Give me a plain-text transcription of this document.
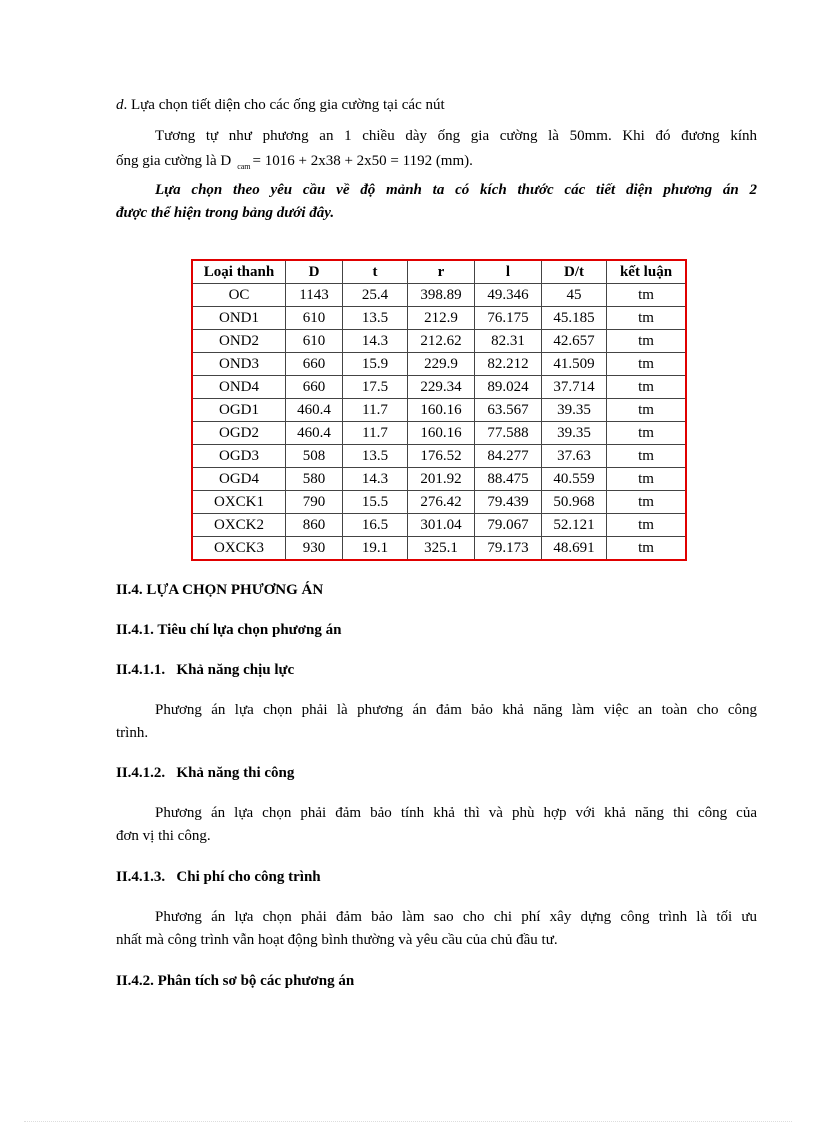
d. Lựa chọn tiết diện cho các ống gia cường tại các nút
Tương tự như phương an 1 chiều dày ống gia cường là 50mm. Khi đó đương kính
ống gia cường là D $_{cam}$ = 1016 + 2x38 + 2x50 = 1192 (mm).
Lựa chọn theo yêu cầu về độ mảnh ta có kích thước các tiết diện phương án 2
được thể hiện trong bảng dưới đây.
Loại thanh	D	t	r	l	D/t	kết luận
OC	1143	25.4	398.89	49.346	45	tm
OND1	610	13.5	212.9	76.175	45.185	tm
OND2	610	14.3	212.62	82.31	42.657	tm
OND3	660	15.9	229.9	82.212	41.509	tm
OND4	660	17.5	229.34	89.024	37.714	tm
OGD1	460.4	11.7	160.16	63.567	39.35	tm
OGD2	460.4	11.7	160.16	77.588	39.35	tm
OGD3	508	13.5	176.52	84.277	37.63	tm
OGD4	580	14.3	201.92	88.475	40.559	tm
OXCK1	790	15.5	276.42	79.439	50.968	tm
OXCK2	860	16.5	301.04	79.067	52.121	tm
OXCK3	930	19.1	325.1	79.173	48.691	tm
II.4. LỰA CHỌN PHƯƠNG ÁN
II.4.1. Tiêu chí lựa chọn phương án
II.4.1.1.   Khả năng chịu lực
Phương án lựa chọn phải là phương án đảm bảo khả năng làm việc an toàn cho công
trình.
II.4.1.2.   Khả năng thi công
Phương án lựa chọn phải đảm bảo tính khả thì và phù hợp với khả năng thi công của
đơn vị thi công.
II.4.1.3.   Chi phí cho công trình
Phương án lựa chọn phải đảm bảo làm sao cho chi phí xây dựng công trình là tối ưu
nhất mà công trình vẫn hoạt động bình thường và yêu cầu của chủ đầu tư.
II.4.2. Phân tích sơ bộ các phương án
